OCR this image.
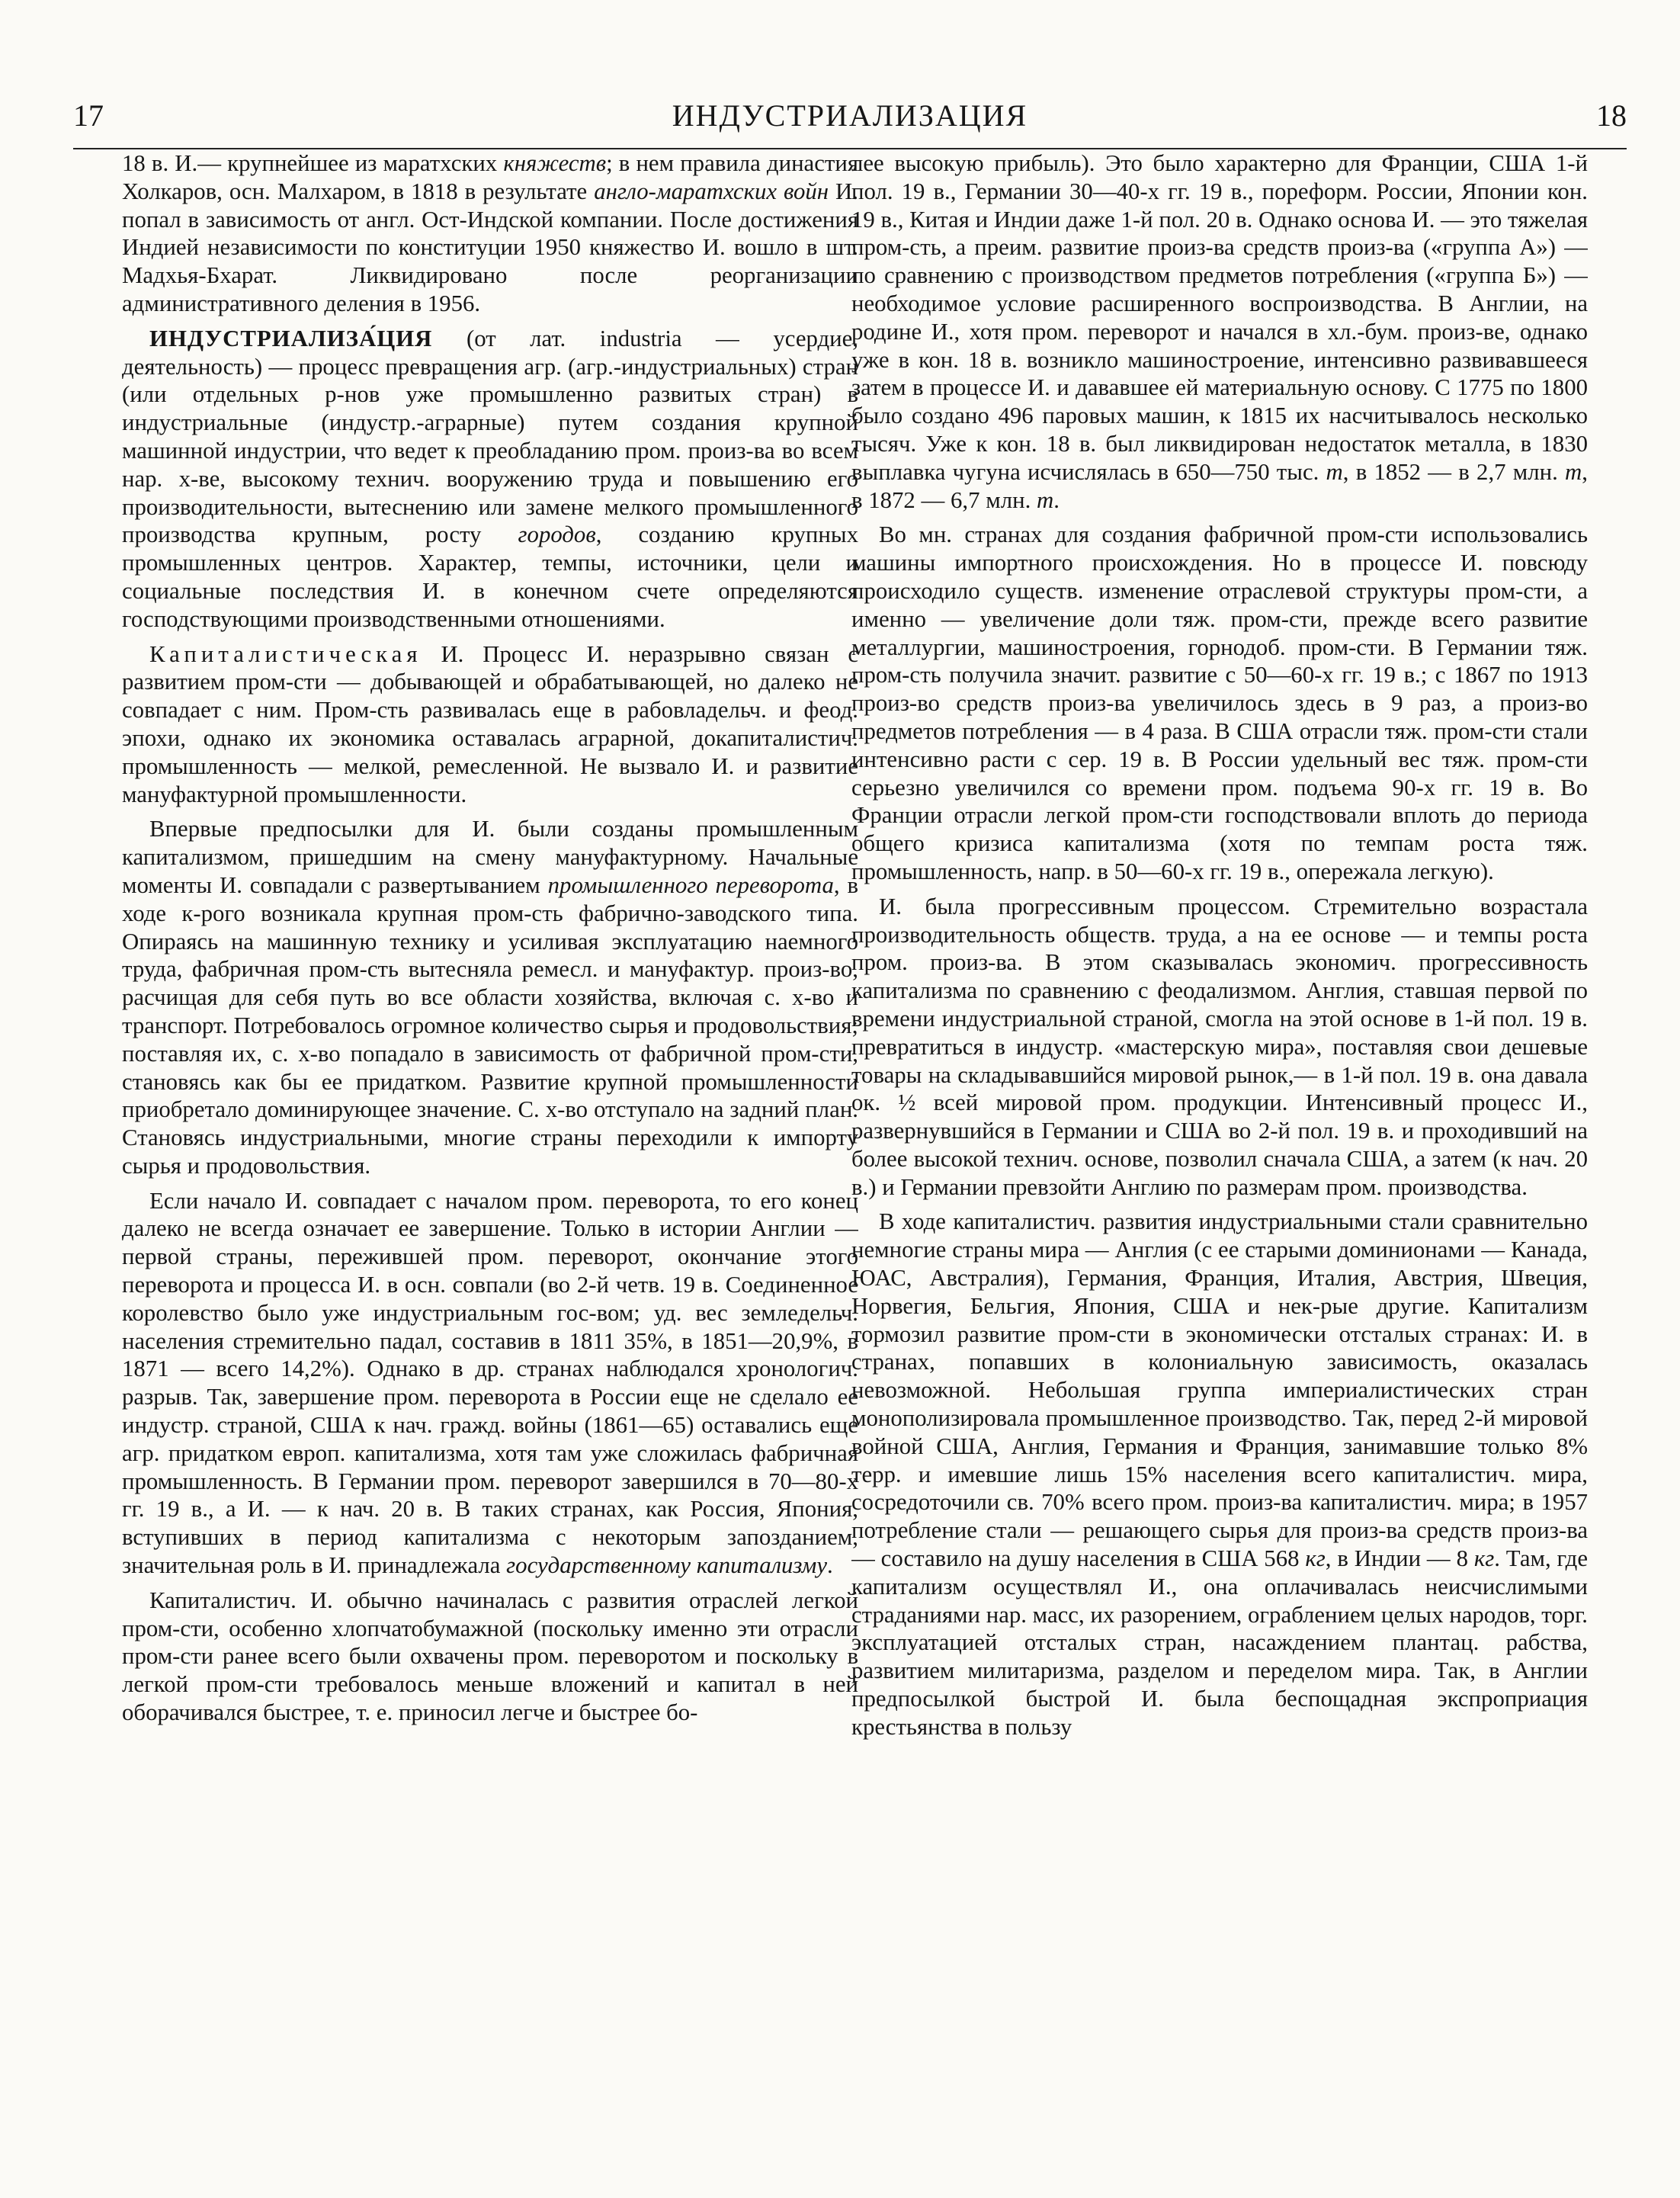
17	ИНДУСТРИАЛИЗАЦИЯ	18

18 в. И.— крупнейшее из маратхских княжеств; в нем правила династия Холкаров, осн. Малхаром, в 1818 в результате англо-маратхских войн И. попал в зависимость от англ. Ост-Индской компании. После достижения Индией независимости по конституции 1950 княжество И. вошло в шт. Мадхья-Бхарат. Ликвидировано после реорганизации административного деления в 1956.

ИНДУСТРИАЛИЗА́ЦИЯ (от лат. industria — усердие, деятельность) — процесс превращения агр. (агр.-индустриальных) стран (или отдельных р-нов уже промышленно развитых стран) в индустриальные (индустр.-аграрные) путем создания крупной машинной индустрии, что ведет к преобладанию пром. произ-ва во всем нар. х-ве, высокому технич. вооружению труда и повышению его производительности, вытеснению или замене мелкого промышленного производства крупным, росту городов, созданию крупных промышленных центров. Характер, темпы, источники, цели и социальные последствия И. в конечном счете определяются господствующими производственными отношениями.

Капиталистическая И. Процесс И. неразрывно связан с развитием пром-сти — добывающей и обрабатывающей, но далеко не совпадает с ним. Пром-сть развивалась еще в рабовладельч. и феод. эпохи, однако их экономика оставалась аграрной, докапиталистич. промышленность — мелкой, ремесленной. Не вызвало И. и развитие мануфактурной промышленности.

Впервые предпосылки для И. были созданы промышленным капитализмом, пришедшим на смену мануфактурному. Начальные моменты И. совпадали с развертыванием промышленного переворота, в ходе к-рого возникала крупная пром-сть фабрично-заводского типа. Опираясь на машинную технику и усиливая эксплуатацию наемного труда, фабричная пром-сть вытесняла ремесл. и мануфактур. произ-во, расчищая для себя путь во все области хозяйства, включая с. х-во и транспорт. Потребовалось огромное количество сырья и продовольствия; поставляя их, с. х-во попадало в зависимость от фабричной пром-сти, становясь как бы ее придатком. Развитие крупной промышленности приобретало доминирующее значение. С. х-во отступало на задний план. Становясь индустриальными, многие страны переходили к импорту сырья и продовольствия.

Если начало И. совпадает с началом пром. переворота, то его конец далеко не всегда означает ее завершение. Только в истории Англии — первой страны, пережившей пром. переворот, окончание этого переворота и процесса И. в осн. совпали (во 2-й четв. 19 в. Соединенное королевство было уже индустриальным гос-вом; уд. вес земледельч. населения стремительно падал, составив в 1811 35%, в 1851—20,9%, в 1871 — всего 14,2%). Однако в др. странах наблюдался хронологич. разрыв. Так, завершение пром. переворота в России еще не сделало ее индустр. страной, США к нач. гражд. войны (1861—65) оставались еще агр. придатком европ. капитализма, хотя там уже сложилась фабричная промышленность. В Германии пром. переворот завершился в 70—80-х гг. 19 в., а И. — к нач. 20 в. В таких странах, как Россия, Япония, вступивших в период капитализма с некоторым запозданием, значительная роль в И. принадлежала государственному капитализму.

Капиталистич. И. обычно начиналась с развития отраслей легкой пром-сти, особенно хлопчатобумажной (поскольку именно эти отрасли пром-сти ранее всего были охвачены пром. переворотом и поскольку в легкой пром-сти требовалось меньше вложений и капитал в ней оборачивался быстрее, т. е. приносил легче и быстрее бо-

лее высокую прибыль). Это было характерно для Франции, США 1-й пол. 19 в., Германии 30—40-х гг. 19 в., пореформ. России, Японии кон. 19 в., Китая и Индии даже 1-й пол. 20 в. Однако основа И. — это тяжелая пром-сть, а преим. развитие произ-ва средств произ-ва («группа А») — по сравнению с производством предметов потребления («группа Б») — необходимое условие расширенного воспроизводства. В Англии, на родине И., хотя пром. переворот и начался в хл.-бум. произ-ве, однако уже в кон. 18 в. возникло машиностроение, интенсивно развивавшееся затем в процессе И. и дававшее ей материальную основу. С 1775 по 1800 было создано 496 паровых машин, к 1815 их насчитывалось несколько тысяч. Уже к кон. 18 в. был ликвидирован недостаток металла, в 1830 выплавка чугуна исчислялась в 650—750 тыс. т, в 1852 — в 2,7 млн. т, в 1872 — 6,7 млн. т.

Во мн. странах для создания фабричной пром-сти использовались машины импортного происхождения. Но в процессе И. повсюду происходило существ. изменение отраслевой структуры пром-сти, а именно — увеличение доли тяж. пром-сти, прежде всего развитие металлургии, машиностроения, горнодоб. пром-сти. В Германии тяж. пром-сть получила значит. развитие с 50—60-х гг. 19 в.; с 1867 по 1913 произ-во средств произ-ва увеличилось здесь в 9 раз, а произ-во предметов потребления — в 4 раза. В США отрасли тяж. пром-сти стали интенсивно расти с сер. 19 в. В России удельный вес тяж. пром-сти серьезно увеличился со времени пром. подъема 90-х гг. 19 в. Во Франции отрасли легкой пром-сти господствовали вплоть до периода общего кризиса капитализма (хотя по темпам роста тяж. промышленность, напр. в 50—60-х гг. 19 в., опережала легкую).

И. была прогрессивным процессом. Стремительно возрастала производительность обществ. труда, а на ее основе — и темпы роста пром. произ-ва. В этом сказывалась экономич. прогрессивность капитализма по сравнению с феодализмом. Англия, ставшая первой по времени индустриальной страной, смогла на этой основе в 1-й пол. 19 в. превратиться в индустр. «мастерскую мира», поставляя свои дешевые товары на складывавшийся мировой рынок,— в 1-й пол. 19 в. она давала ок. ½ всей мировой пром. продукции. Интенсивный процесс И., развернувшийся в Германии и США во 2-й пол. 19 в. и проходивший на более высокой технич. основе, позволил сначала США, а затем (к нач. 20 в.) и Германии превзойти Англию по размерам пром. производства.

В ходе капиталистич. развития индустриальными стали сравнительно немногие страны мира — Англия (с ее старыми доминионами — Канада, ЮАС, Австралия), Германия, Франция, Италия, Австрия, Швеция, Норвегия, Бельгия, Япония, США и нек-рые другие. Капитализм тормозил развитие пром-сти в экономически отсталых странах: И. в странах, попавших в колониальную зависимость, оказалась невозможной. Небольшая группа империалистических стран монополизировала промышленное производство. Так, перед 2-й мировой войной США, Англия, Германия и Франция, занимавшие только 8% терр. и имевшие лишь 15% населения всего капиталистич. мира, сосредоточили св. 70% всего пром. произ-ва капиталистич. мира; в 1957 потребление стали — решающего сырья для произ-ва средств произ-ва — составило на душу населения в США 568 кг, в Индии — 8 кг. Там, где капитализм осуществлял И., она оплачивалась неисчислимыми страданиями нар. масс, их разорением, ограблением целых народов, торг. эксплуатацией отсталых стран, насаждением плантац. рабства, развитием милитаризма, разделом и переделом мира. Так, в Англии предпосылкой быстрой И. была беспощадная экспроприация крестьянства в пользу
